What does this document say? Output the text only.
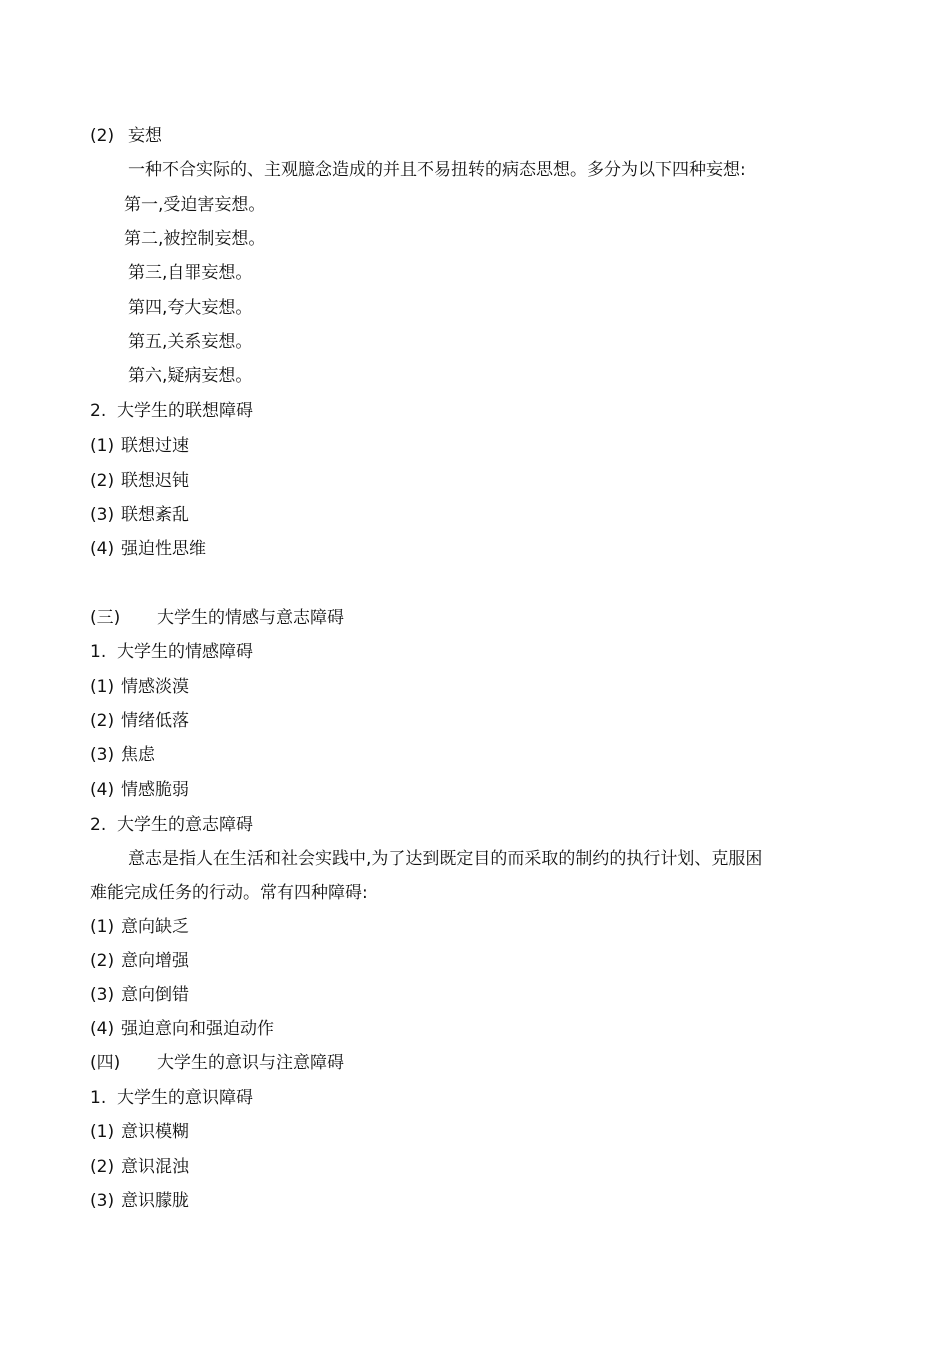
(2) 妄想
一种不合实际的、主观臆念造成的并且不易扭转的病态思想。多分为以下四种妄想:
第一,受迫害妄想。
第二,被控制妄想。
第三,自罪妄想。
第四,夸大妄想。
第五,关系妄想。
第六,疑病妄想。
2. 大学生的联想障碍
(1) 联想过速
(2) 联想迟钝
(3) 联想紊乱
(4) 强迫性思维
(三) 大学生的情感与意志障碍
1. 大学生的情感障碍
(1) 情感淡漠
(2) 情绪低落
(3) 焦虑
(4) 情感脆弱
2. 大学生的意志障碍
意志是指人在生活和社会实践中,为了达到既定目的而采取的制约的执行计划、克服困
难能完成任务的行动。常有四种障碍:
(1) 意向缺乏
(2) 意向增强
(3) 意向倒错
(4) 强迫意向和强迫动作
(四) 大学生的意识与注意障碍
1. 大学生的意识障碍
(1) 意识模糊
(2) 意识混浊
(3) 意识朦胧
